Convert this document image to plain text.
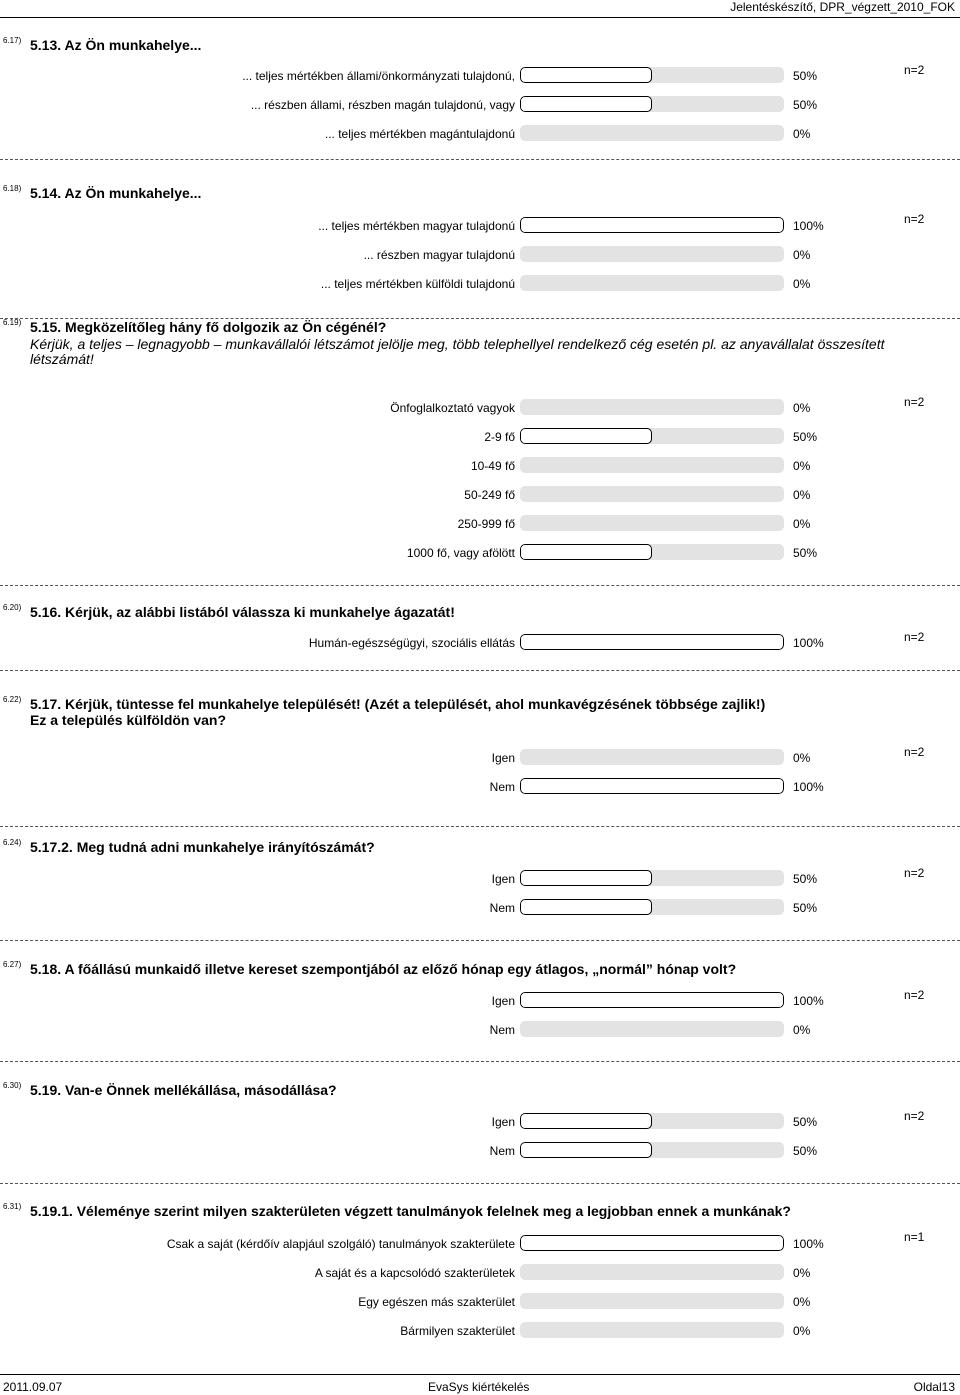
Jelentéskészítő, DPR_végzett_2010_FOK
6.17) 5.13. Az Ön munkahelye...
n=2
... teljes mértékben állami/önkormányzati tulajdonú,	50%
... részben állami, részben magán tulajdonú, vagy	50%
... teljes mértékben magántulajdonú	0%
6.18) 5.14. Az Ön munkahelye...
n=2
... teljes mértékben magyar tulajdonú	100%
... részben magyar tulajdonú	0%
... teljes mértékben külföldi tulajdonú	0%
6.19) 5.15. Megközelítőleg hány fő dolgozik az Ön cégénél?
Kérjük, a teljes – legnagyobb – munkavállalói létszámot jelölje meg, több telephellyel rendelkező cég esetén pl. az anyavállalat összesített létszámát!
n=2
Önfoglalkoztató vagyok	0%
2-9 fő	50%
10-49 fő	0%
50-249 fő	0%
250-999 fő	0%
1000 fő, vagy afölött	50%
6.20) 5.16. Kérjük, az alábbi listából válassza ki munkahelye ágazatát!
n=2
Humán-egészségügyi, szociális ellátás	100%
6.22) 5.17. Kérjük, tüntesse fel munkahelye települését! (Azét a települését, ahol munkavégzésének többsége zajlik!)
Ez a település külföldön van?
n=2
Igen	0%
Nem	100%
6.24) 5.17.2. Meg tudná adni munkahelye irányítószámát?
n=2
Igen	50%
Nem	50%
6.27) 5.18. A főállású munkaidő illetve kereset szempontjából az előző hónap egy átlagos, „normál” hónap volt?
n=2
Igen	100%
Nem	0%
6.30) 5.19. Van-e Önnek mellékállása, másodállása?
n=2
Igen	50%
Nem	50%
6.31) 5.19.1. Véleménye szerint milyen szakterületen végzett tanulmányok felelnek meg a legjobban ennek a munkának?
n=1
Csak a saját (kérdőív alapjául szolgáló) tanulmányok szakterülete	100%
A saját és a kapcsolódó szakterületek	0%
Egy egészen más szakterület	0%
Bármilyen szakterület	0%
2011.09.07	EvaSys kiértékelés	Oldal13
